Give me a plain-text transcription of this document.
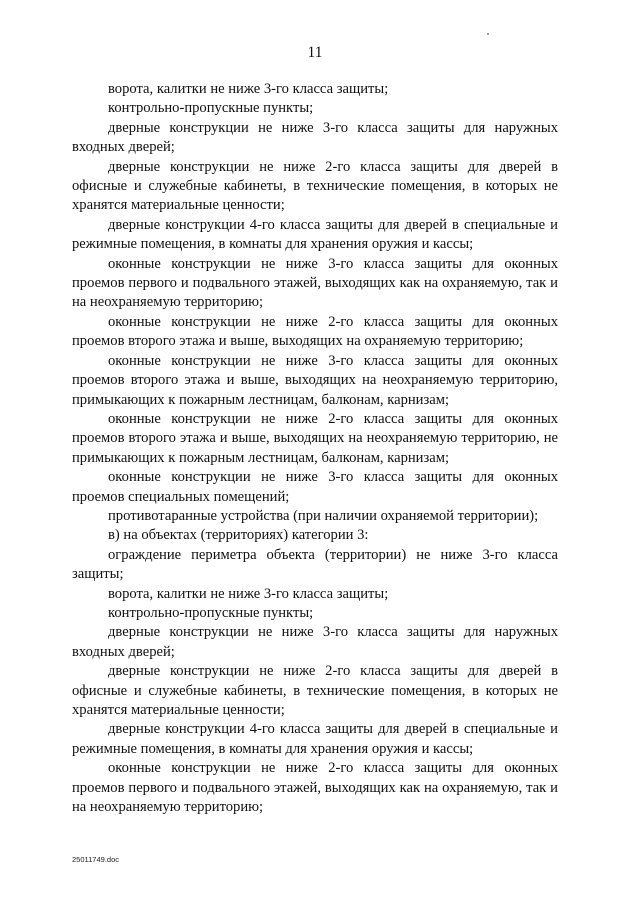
11

ворота, калитки не ниже 3-го класса защиты;

контрольно-пропускные пункты;

дверные конструкции не ниже 3-го класса защиты для наружных входных дверей;

дверные конструкции не ниже 2-го класса защиты для дверей в офисные и служебные кабинеты, в технические помещения, в которых не хранятся материальные ценности;

дверные конструкции 4-го класса защиты для дверей в специальные и режимные помещения, в комнаты для хранения оружия и кассы;

оконные конструкции не ниже 3-го класса защиты для оконных проемов первого и подвального этажей, выходящих как на охраняемую, так и на неохраняемую территорию;

оконные конструкции не ниже 2-го класса защиты для оконных проемов второго этажа и выше, выходящих на охраняемую территорию;

оконные конструкции не ниже 3-го класса защиты для оконных проемов второго этажа и выше, выходящих на неохраняемую территорию, примыкающих к пожарным лестницам, балконам, карнизам;

оконные конструкции не ниже 2-го класса защиты для оконных проемов второго этажа и выше, выходящих на неохраняемую территорию, не примыкающих к пожарным лестницам, балконам, карнизам;

оконные конструкции не ниже 3-го класса защиты для оконных проемов специальных помещений;

противотаранные устройства (при наличии охраняемой территории);

в) на объектах (территориях) категории 3:

ограждение периметра объекта (территории) не ниже 3-го класса защиты;

ворота, калитки не ниже 3-го класса защиты;

контрольно-пропускные пункты;

дверные конструкции не ниже 3-го класса защиты для наружных входных дверей;

дверные конструкции не ниже 2-го класса защиты для дверей в офисные и служебные кабинеты, в технические помещения, в которых не хранятся материальные ценности;

дверные конструкции 4-го класса защиты для дверей в специальные и режимные помещения, в комнаты для хранения оружия и кассы;

оконные конструкции не ниже 2-го класса защиты для оконных проемов первого и подвального этажей, выходящих как на охраняемую, так и на неохраняемую территорию;

25011749.doc
